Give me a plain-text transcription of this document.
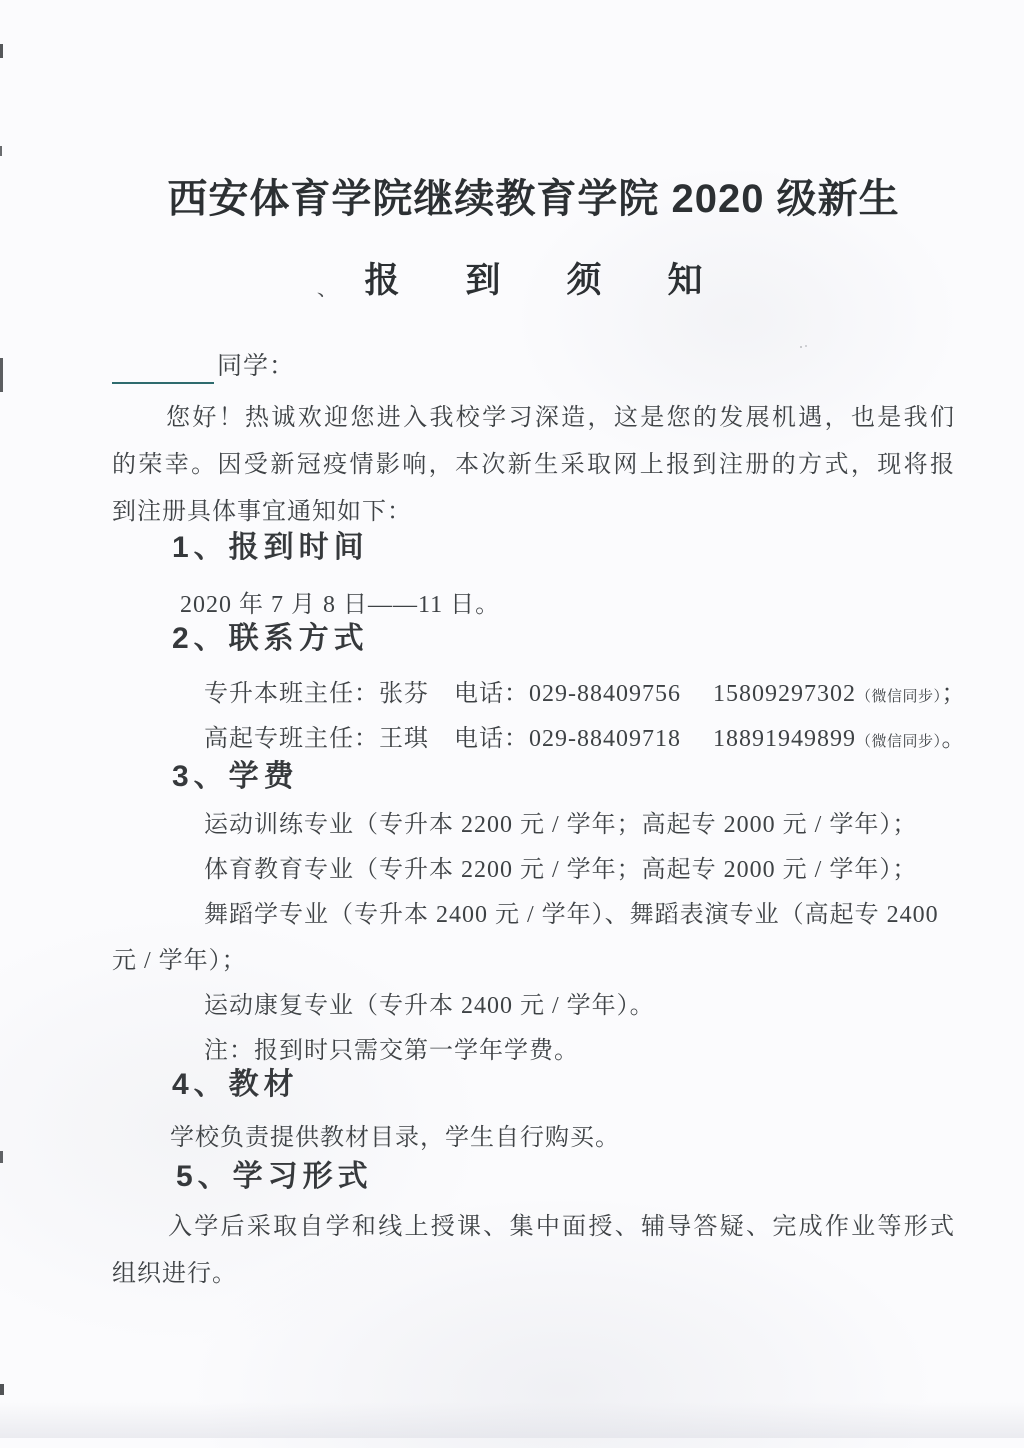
西安体育学院继续教育学院 2020 级新生
、 报到须知
同学：
您好！热诚欢迎您进入我校学习深造，这是您的发展机遇，也是我们
的荣幸。因受新冠疫情影响，本次新生采取网上报到注册的方式，现将报
到注册具体事宜通知如下：
1、报到时间
2020 年 7 月 8 日——11 日。
2、联系方式
专升本班主任：张芬　电话：029-88409756　 15809297302（微信同步）；
高起专班主任：王琪　电话：029-88409718　 18891949899（微信同步）。
3、学费
运动训练专业（专升本 2200 元 / 学年；高起专 2000 元 / 学年）；
体育教育专业（专升本 2200 元 / 学年；高起专 2000 元 / 学年）；
舞蹈学专业（专升本 2400 元 / 学年）、舞蹈表演专业（高起专 2400
元 / 学年）；
运动康复专业（专升本 2400 元 / 学年）。
注：报到时只需交第一学年学费。
4、教材
学校负责提供教材目录，学生自行购买。
5、学习形式
入学后采取自学和线上授课、集中面授、辅导答疑、完成作业等形式
组织进行。
